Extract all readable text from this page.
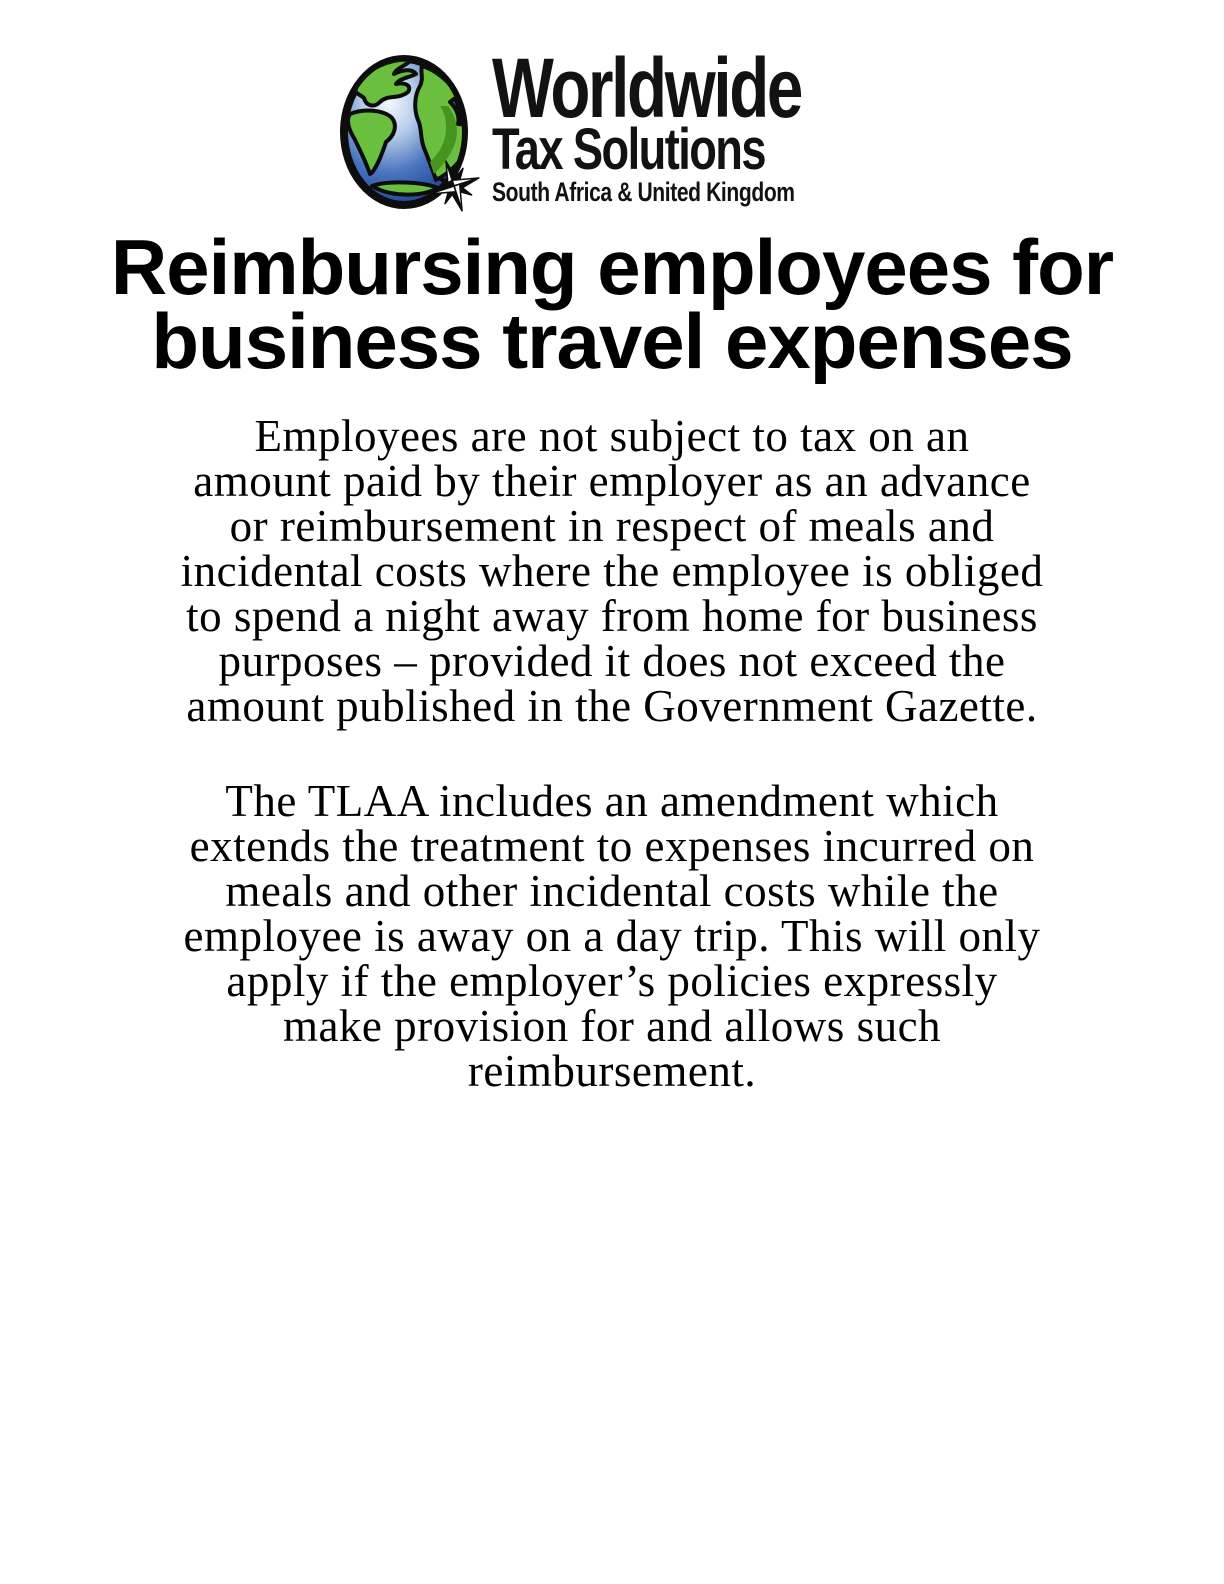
Worldwide
Tax Solutions
South Africa & United Kingdom
Reimbursing employees for
business travel expenses
Employees are not subject to tax on an
amount paid by their employer as an advance
or reimbursement in respect of meals and
incidental costs where the employee is obliged
to spend a night away from home for business
purposes – provided it does not exceed the
amount published in the Government Gazette.
The TLAA includes an amendment which
extends the treatment to expenses incurred on
meals and other incidental costs while the
employee is away on a day trip. This will only
apply if the employer’s policies expressly
make provision for and allows such
reimbursement.
